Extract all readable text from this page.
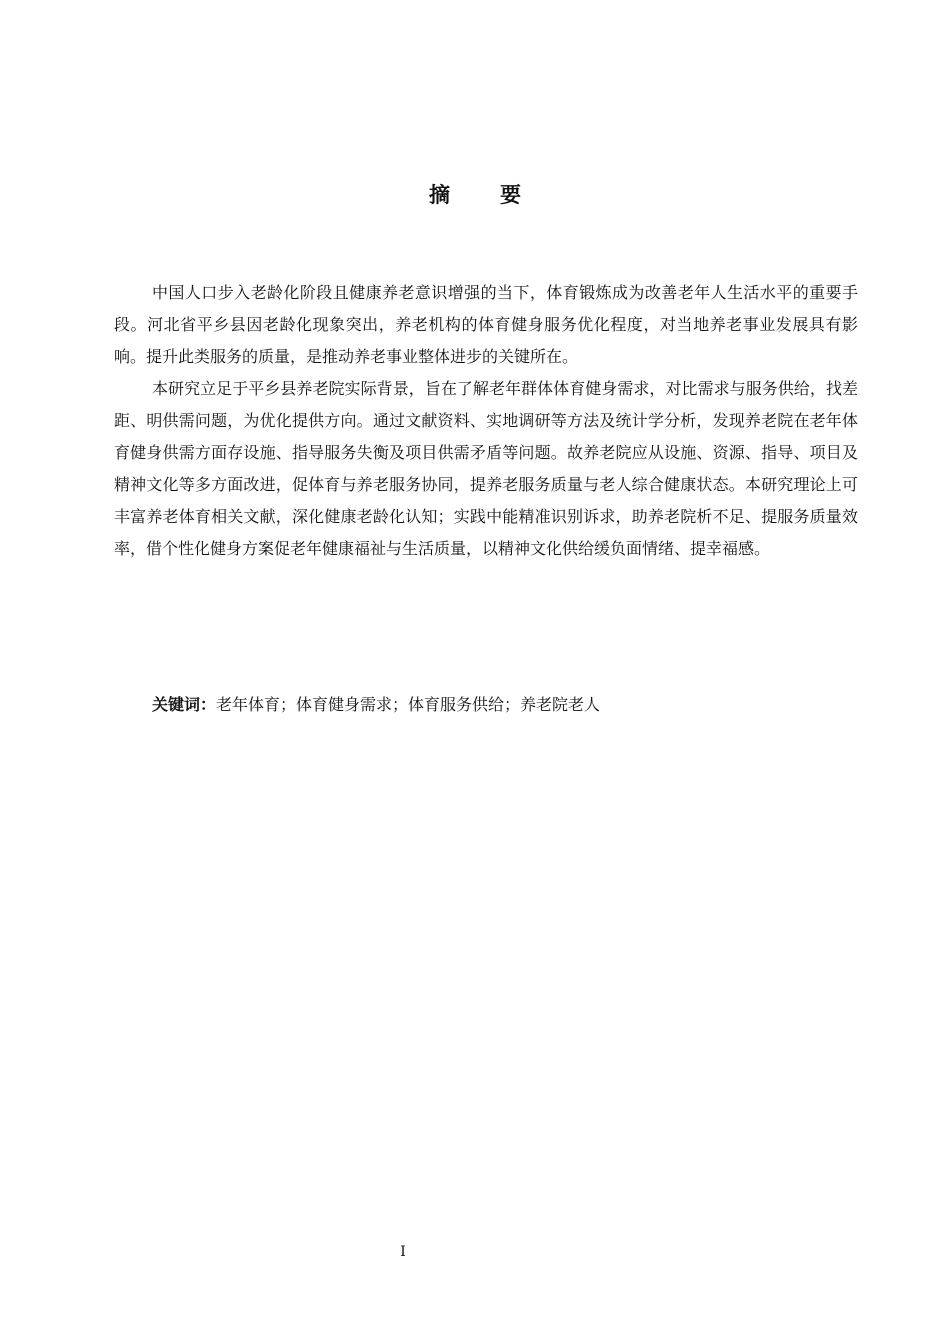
摘要

中国人口步入老龄化阶段且健康养老意识增强的当下，体育锻炼成为改善老年人生活水平的重要手段。河北省平乡县因老龄化现象突出，养老机构的体育健身服务优化程度，对当地养老事业发展具有影响。提升此类服务的质量，是推动养老事业整体进步的关键所在。

本研究立足于平乡县养老院实际背景，旨在了解老年群体体育健身需求，对比需求与服务供给，找差距、明供需问题，为优化提供方向。通过文献资料、实地调研等方法及统计学分析，发现养老院在老年体育健身供需方面存设施、指导服务失衡及项目供需矛盾等问题。故养老院应从设施、资源、指导、项目及精神文化等多方面改进，促体育与养老服务协同，提养老服务质量与老人综合健康状态。本研究理论上可丰富养老体育相关文献，深化健康老龄化认知；实践中能精准识别诉求，助养老院析不足、提服务质量效率，借个性化健身方案促老年健康福祉与生活质量，以精神文化供给缓负面情绪、提幸福感。

关键词：老年体育；体育健身需求；体育服务供给；养老院老人
I
